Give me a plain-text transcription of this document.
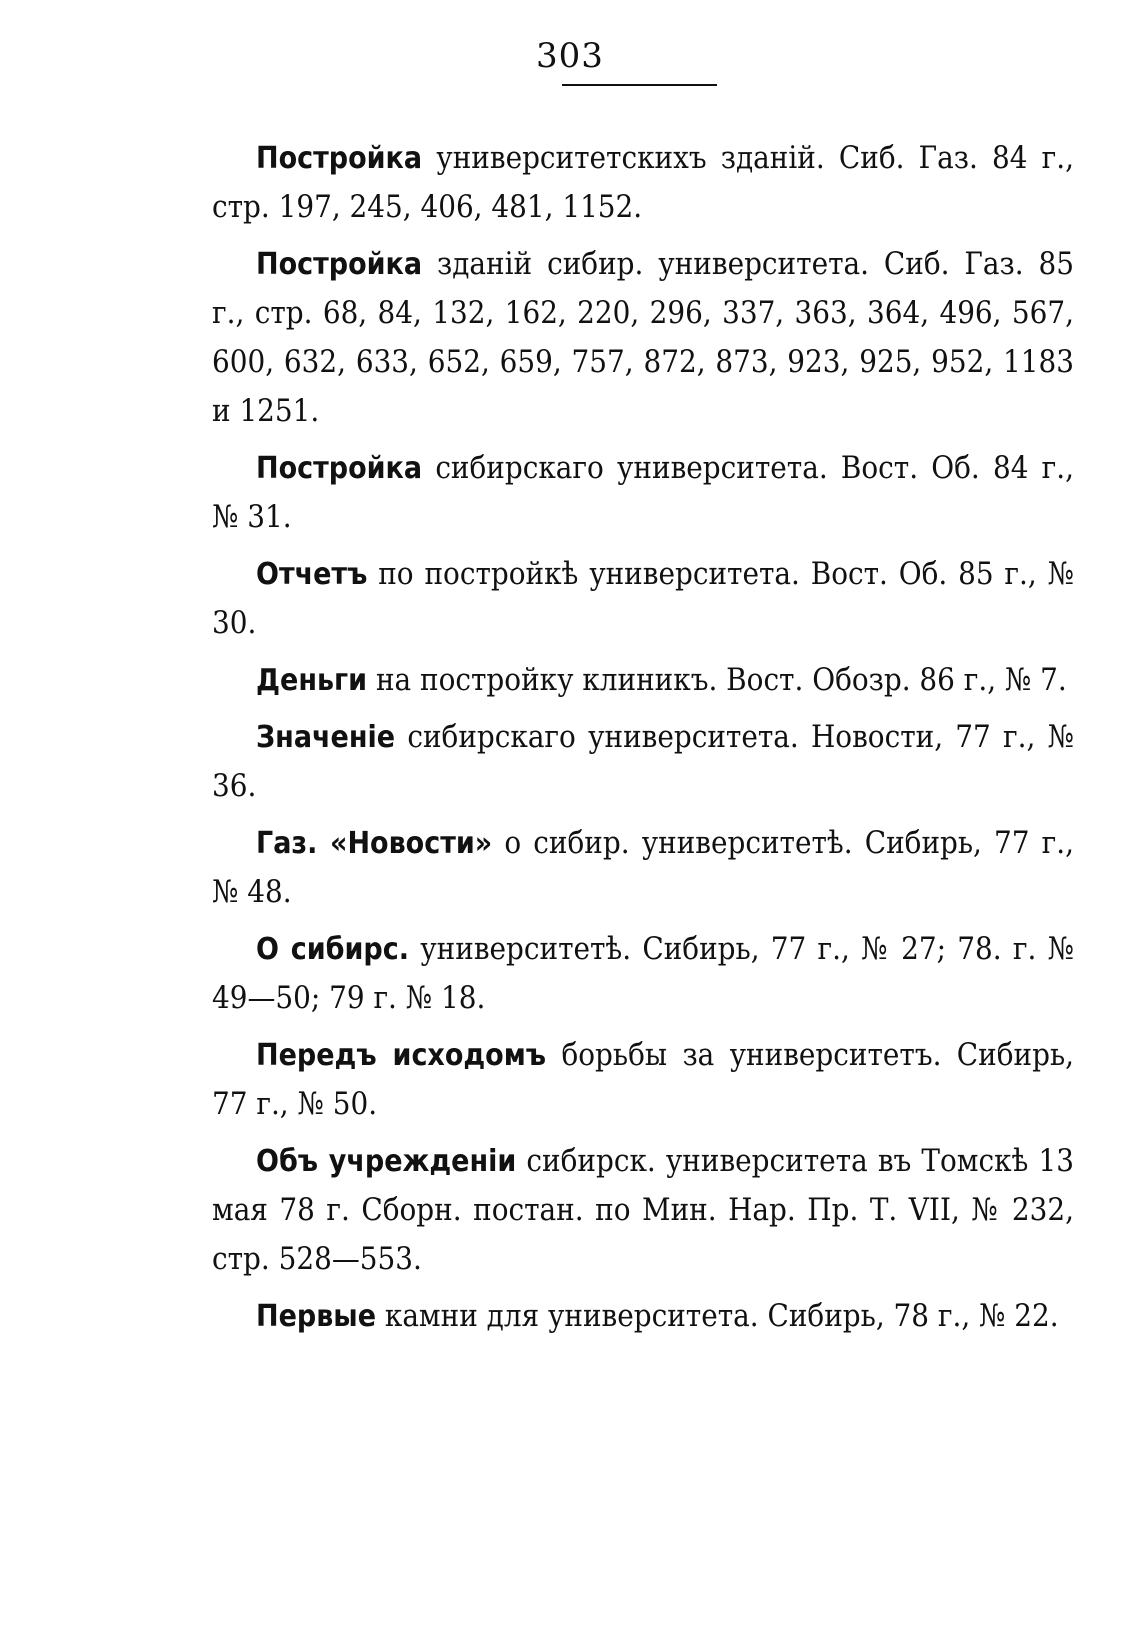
303

Постройка университетскихъ зданій. Сиб. Газ. 84 г., стр. 197, 245, 406, 481, 1152.

Постройка зданій сибир. университета. Сиб. Газ. 85 г., стр. 68, 84, 132, 162, 220, 296, 337, 363, 364, 496, 567, 600, 632, 633, 652, 659, 757, 872, 873, 923, 925, 952, 1183 и 1251.

Постройка сибирскаго университета. Вост. Об. 84 г., № 31.

Отчетъ по постройкѣ университета. Вост. Об. 85 г., № 30.

Деньги на постройку клиникъ. Вост. Обозр. 86 г., № 7.

Значеніе сибирскаго университета. Новости, 77 г., № 36.

Газ. «Новости» о сибир. университетѣ. Сибирь, 77 г., № 48.

О сибирс. университетѣ. Сибирь, 77 г., № 27; 78. г. № 49—50; 79 г. № 18.

Передъ исходомъ борьбы за университетъ. Сибирь, 77 г., № 50.

Объ учрежденіи сибирск. университета въ Томскѣ 13 мая 78 г. Сборн. постан. по Мин. Нар. Пр. Т. VII, № 232, стр. 528—553.

Первые камни для университета. Сибирь, 78 г., № 22.
